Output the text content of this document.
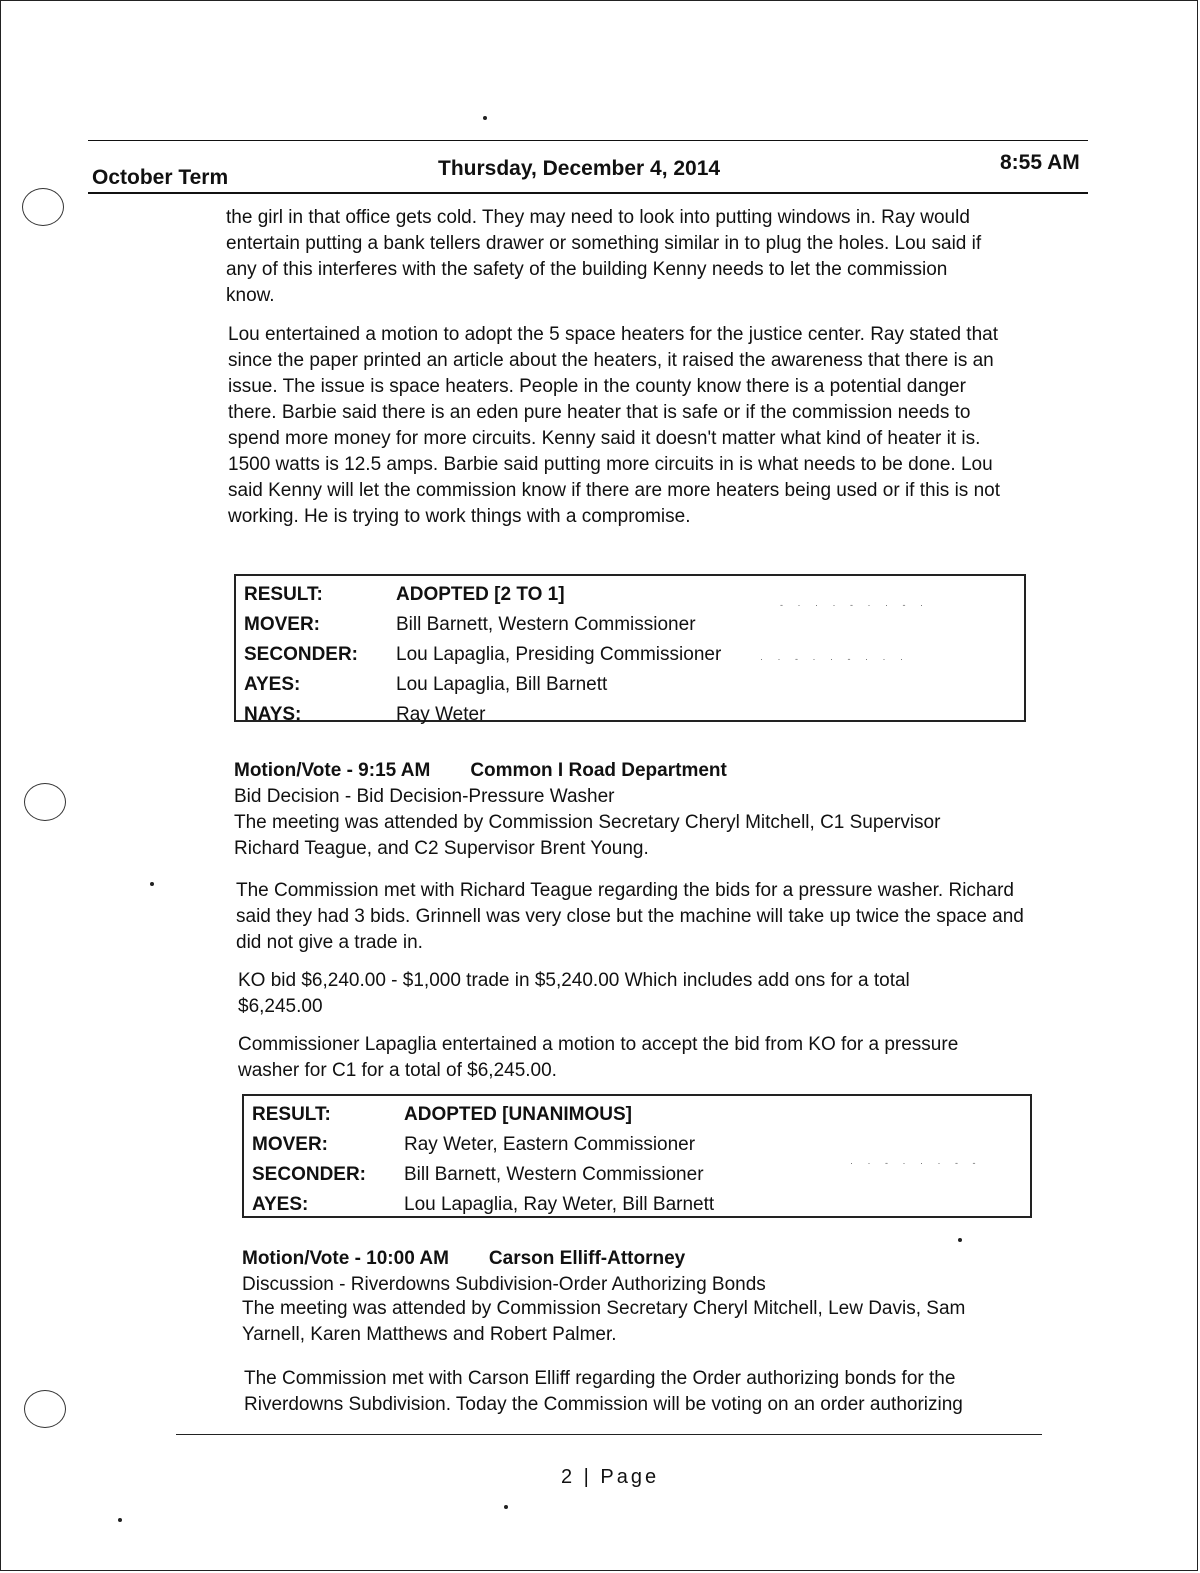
October Term	Thursday, December 4, 2014	8:55 AM

the girl in that office gets cold. They may need to look into putting windows in. Ray would entertain putting a bank tellers drawer or something similar in to plug the holes. Lou said if any of this interferes with the safety of the building Kenny needs to let the commission know.

Lou entertained a motion to adopt the 5 space heaters for the justice center. Ray stated that since the paper printed an article about the heaters, it raised the awareness that there is an issue. The issue is space heaters. People in the county know there is a potential danger there. Barbie said there is an eden pure heater that is safe or if the commission needs to spend more money for more circuits. Kenny said it doesn't matter what kind of heater it is. 1500 watts is 12.5 amps. Barbie said putting more circuits in is what needs to be done. Lou said Kenny will let the commission know if there are more heaters being used or if this is not working. He is trying to work things with a compromise.

RESULT:	ADOPTED [2 TO 1]
MOVER:	Bill Barnett, Western Commissioner
SECONDER:	Lou Lapaglia, Presiding Commissioner
AYES:	Lou Lapaglia, Bill Barnett
NAYS:	Ray Weter
- · · · - · · - ·
· · - · · - · · ·
Motion/Vote - 9:15 AM Common I Road Department
Bid Decision - Bid Decision-Pressure Washer

The meeting was attended by Commission Secretary Cheryl Mitchell, C1 Supervisor Richard Teague, and C2 Supervisor Brent Young.

The Commission met with Richard Teague regarding the bids for a pressure washer. Richard said they had 3 bids. Grinnell was very close but the machine will take up twice the space and did not give a trade in.

KO bid $6,240.00 - $1,000 trade in $5,240.00 Which includes add ons for a total $6,245.00

Commissioner Lapaglia entertained a motion to accept the bid from KO for a pressure washer for C1 for a total of $6,245.00.

RESULT:	ADOPTED [UNANIMOUS]
MOVER:	Ray Weter, Eastern Commissioner
SECONDER:	Bill Barnett, Western Commissioner
AYES:	Lou Lapaglia, Ray Weter, Bill Barnett
· · - · · · - -
Motion/Vote - 10:00 AM Carson Elliff-Attorney
Discussion - Riverdowns Subdivision-Order Authorizing Bonds

The meeting was attended by Commission Secretary Cheryl Mitchell, Lew Davis, Sam Yarnell, Karen Matthews and Robert Palmer.

The Commission met with Carson Elliff regarding the Order authorizing bonds for the Riverdowns Subdivision. Today the Commission will be voting on an order authorizing

2 | Page
